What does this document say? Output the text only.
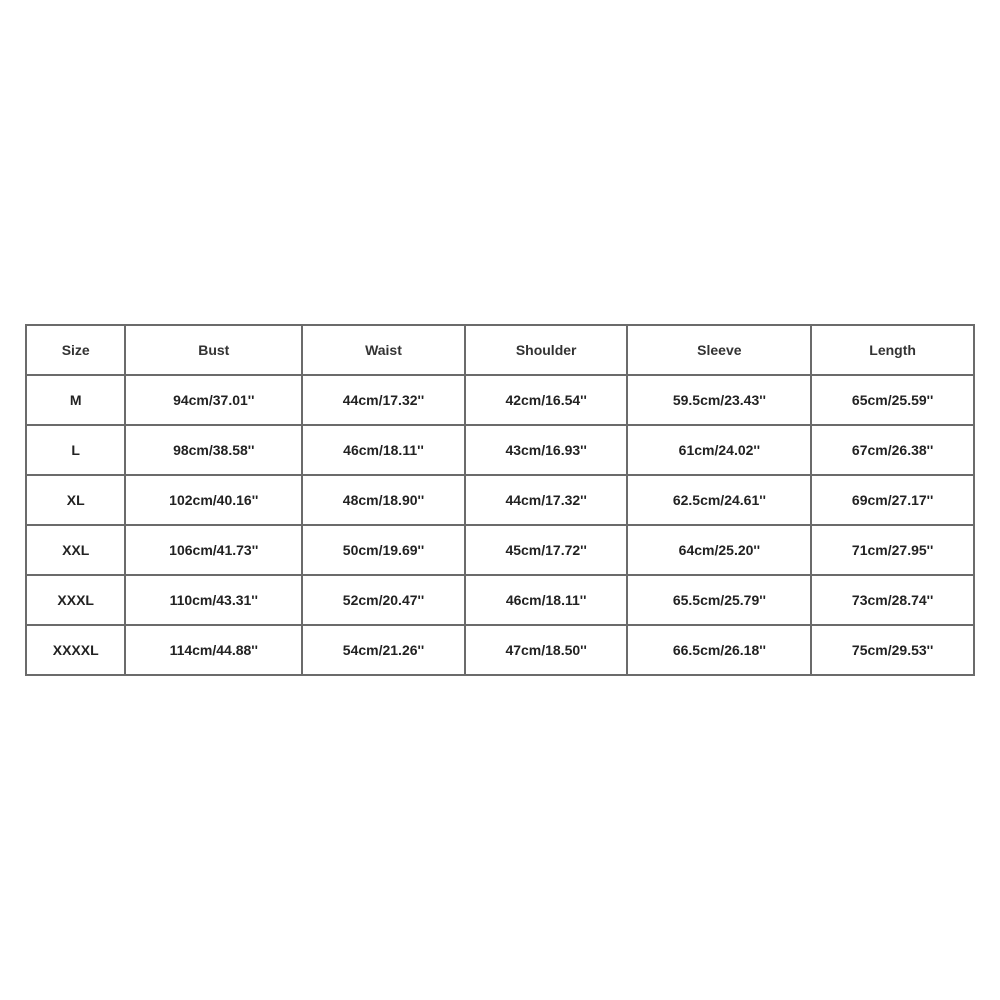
Size	Bust	Waist	Shoulder	Sleeve	Length
M	94cm/37.01''	44cm/17.32''	42cm/16.54''	59.5cm/23.43''	65cm/25.59''
L	98cm/38.58''	46cm/18.11''	43cm/16.93''	61cm/24.02''	67cm/26.38''
XL	102cm/40.16''	48cm/18.90''	44cm/17.32''	62.5cm/24.61''	69cm/27.17''
XXL	106cm/41.73''	50cm/19.69''	45cm/17.72''	64cm/25.20''	71cm/27.95''
XXXL	110cm/43.31''	52cm/20.47''	46cm/18.11''	65.5cm/25.79''	73cm/28.74''
XXXXL	114cm/44.88''	54cm/21.26''	47cm/18.50''	66.5cm/26.18''	75cm/29.53''
